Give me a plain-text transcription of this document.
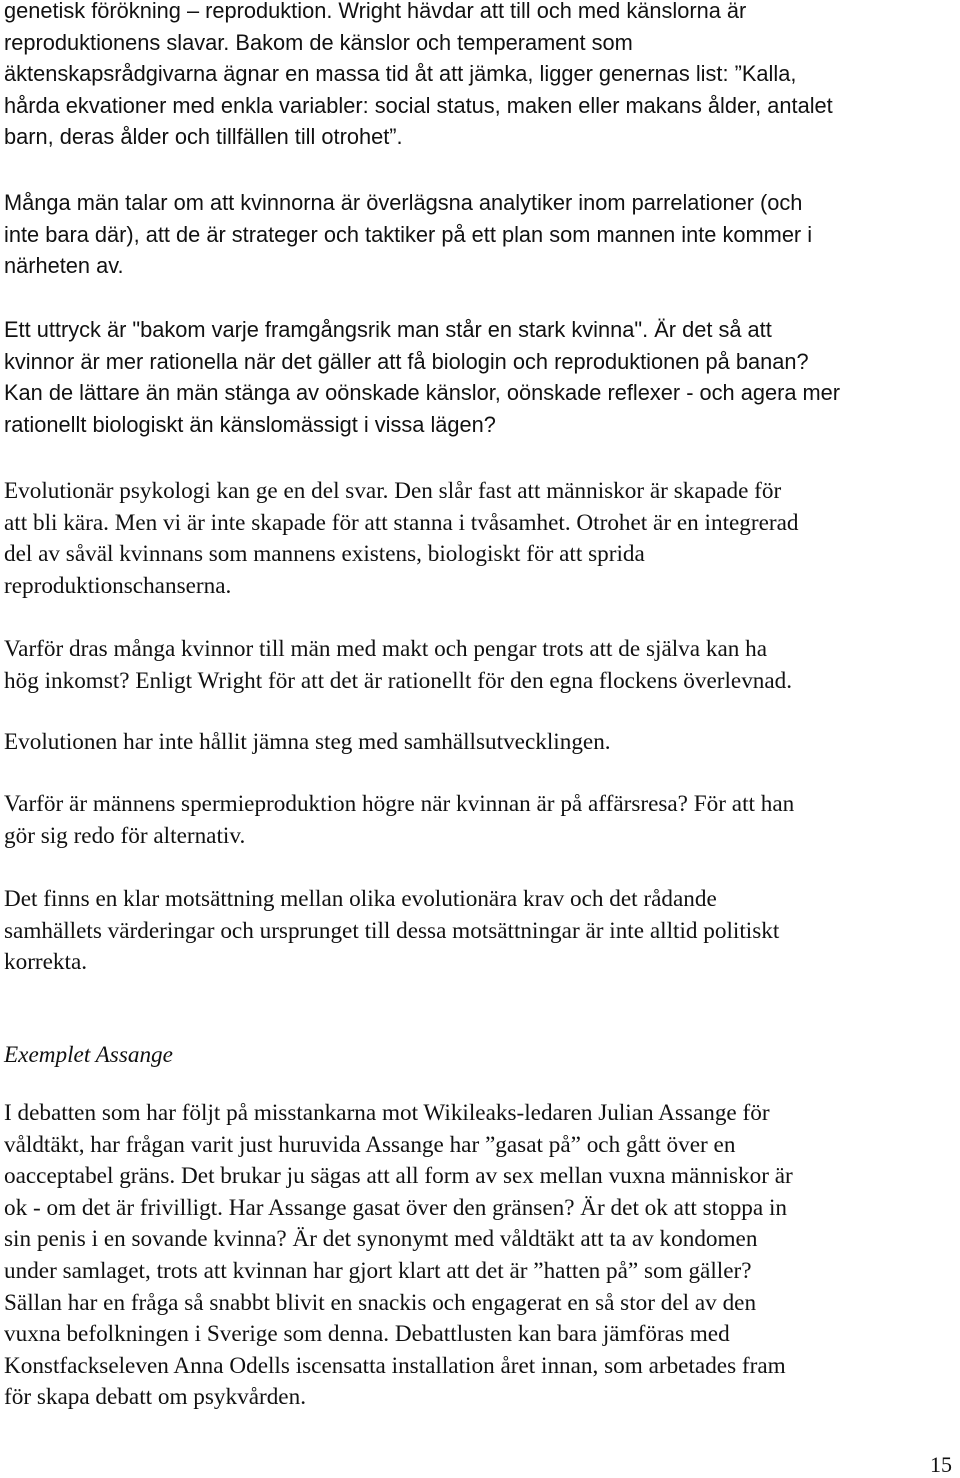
genetisk förökning – reproduktion. Wright hävdar att till och med känslorna är
reproduktionens slavar. Bakom de känslor och temperament som
äktenskapsrådgivarna ägnar en massa tid åt att jämka, ligger genernas list: ”Kalla,
hårda ekvationer med enkla variabler: social status, maken eller makans ålder, antalet
barn, deras ålder och tillfällen till otrohet”.
Många män talar om att kvinnorna är överlägsna analytiker inom parrelationer (och
inte bara där), att de är strateger och taktiker på ett plan som mannen inte kommer i
närheten av.
Ett uttryck är "bakom varje framgångsrik man står en stark kvinna". Är det så att
kvinnor är mer rationella när det gäller att få biologin och reproduktionen på banan?
Kan de lättare än män stänga av oönskade känslor, oönskade reflexer - och agera mer
rationellt biologiskt än känslomässigt i vissa lägen?
Evolutionär psykologi kan ge en del svar. Den slår fast att människor är skapade för
att bli kära. Men vi är inte skapade för att stanna i tvåsamhet. Otrohet är en integrerad
del av såväl kvinnans som mannens existens, biologiskt för att sprida
reproduktionschanserna.
Varför dras många kvinnor till män med makt och pengar trots att de själva kan ha
hög inkomst? Enligt Wright för att det är rationellt för den egna flockens överlevnad.
Evolutionen har inte hållit jämna steg med samhällsutvecklingen.
Varför är männens spermieproduktion högre när kvinnan är på affärsresa? För att han
gör sig redo för alternativ.
Det finns en klar motsättning mellan olika evolutionära krav och det rådande
samhällets värderingar och ursprunget till dessa motsättningar är inte alltid politiskt
korrekta.
Exemplet Assange
I debatten som har följt på misstankarna mot Wikileaks-ledaren Julian Assange för
våldtäkt, har frågan varit just huruvida Assange har ”gasat på” och gått över en
oacceptabel gräns. Det brukar ju sägas att all form av sex mellan vuxna människor är
ok - om det är frivilligt. Har Assange gasat över den gränsen? Är det ok att stoppa in
sin penis i en sovande kvinna? Är det synonymt med våldtäkt att ta av kondomen
under samlaget, trots att kvinnan har gjort klart att det är ”hatten på” som gäller?
Sällan har en fråga så snabbt blivit en snackis och engagerat en så stor del av den
vuxna befolkningen i Sverige som denna. Debattlusten kan bara jämföras med
Konstfackseleven Anna Odells iscensatta installation året innan, som arbetades fram
för skapa debatt om psykvården.
15
